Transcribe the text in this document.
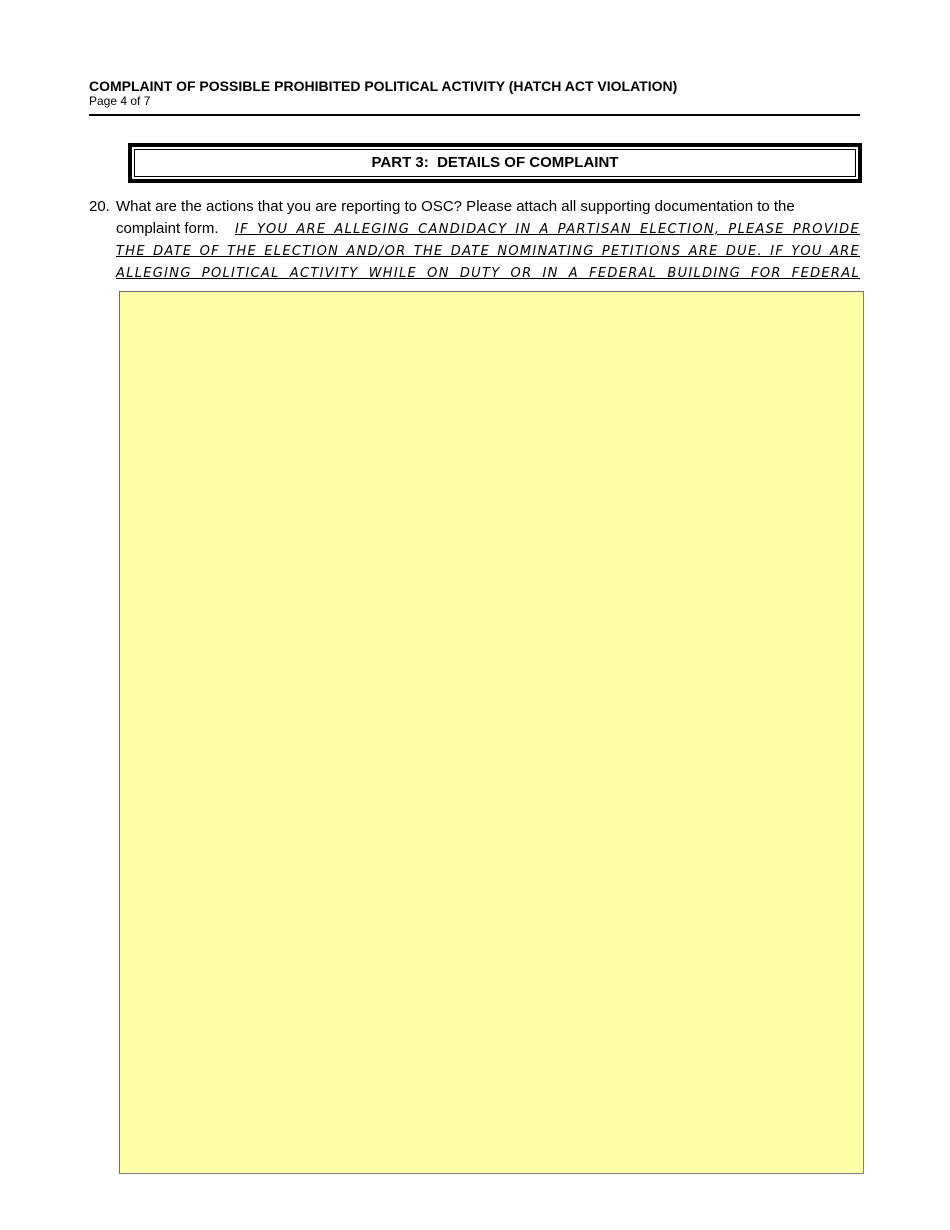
COMPLAINT OF POSSIBLE PROHIBITED POLITICAL ACTIVITY (HATCH ACT VIOLATION)
Page 4 of 7
PART 3:  DETAILS OF COMPLAINT
20. What are the actions that you are reporting to OSC? Please attach all supporting documentation to the
complaint form. IF YOU ARE ALLEGING CANDIDACY IN A PARTISAN ELECTION, PLEASE PROVIDE
THE DATE OF THE ELECTION AND/OR THE DATE NOMINATING PETITIONS ARE DUE. IF YOU ARE
ALLEGING POLITICAL ACTIVITY WHILE ON DUTY OR IN A FEDERAL BUILDING FOR FEDERAL
